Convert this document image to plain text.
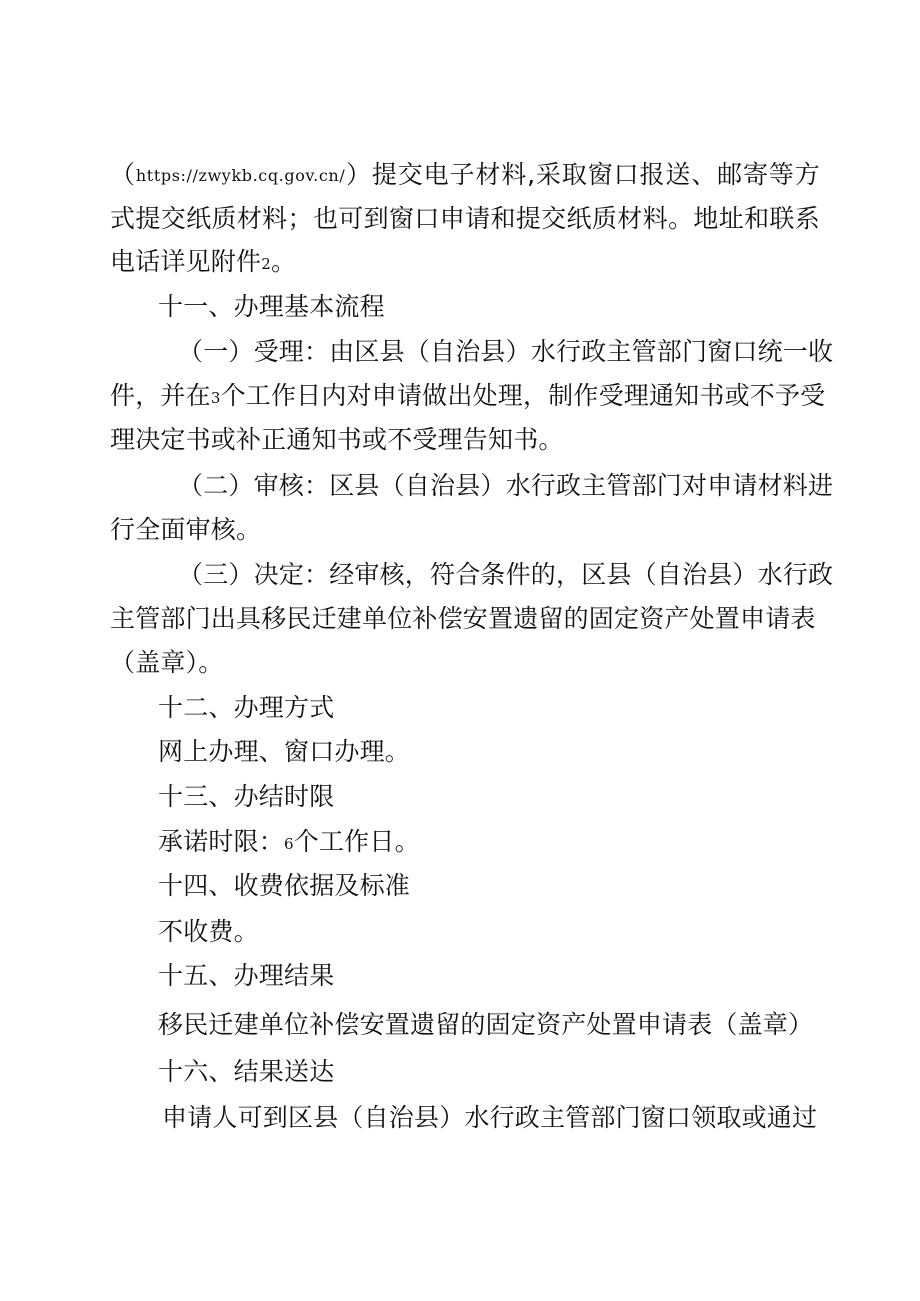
（https://zwykb.cq.gov.cn/）提交电子材料,采取窗口报送、邮寄等方
式提交纸质材料；也可到窗口申请和提交纸质材料。地址和联系
电话详见附件2。
十一、办理基本流程
（一）受理：由区县（自治县）水行政主管部门窗口统一收
件，并在3个工作日内对申请做出处理，制作受理通知书或不予受
理决定书或补正通知书或不受理告知书。
（二）审核：区县（自治县）水行政主管部门对申请材料进
行全面审核。
（三）决定：经审核，符合条件的，区县（自治县）水行政
主管部门出具移民迁建单位补偿安置遗留的固定资产处置申请表
（盖章）。
十二、办理方式
网上办理、窗口办理。
十三、办结时限
承诺时限：6个工作日。
十四、收费依据及标准
不收费。
十五、办理结果
移民迁建单位补偿安置遗留的固定资产处置申请表（盖章）
十六、结果送达
申请人可到区县（自治县）水行政主管部门窗口领取或通过
